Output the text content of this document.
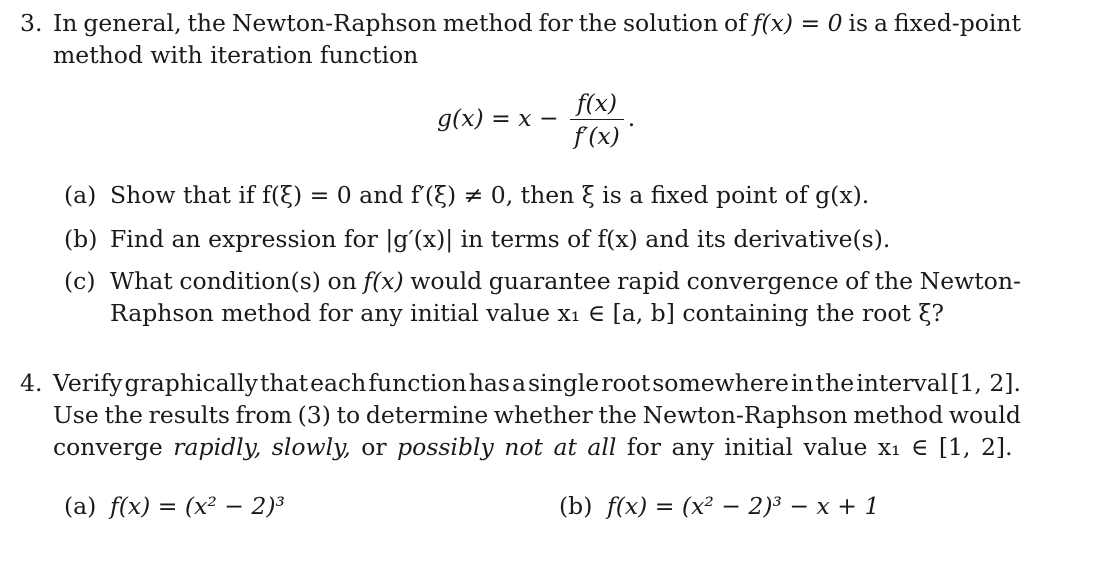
3. In general, the Newton-Raphson method for the solution of f(x) = 0 is a fixed-point
method with iteration function
$g(x) = x - \frac{f(x)}{f'(x)}$ .
(a) Show that if f(ξ) = 0 and f′(ξ) ≠ 0, then ξ is a fixed point of g(x).
(b) Find an expression for |g′(x)| in terms of f(x) and its derivative(s).
(c) What condition(s) on f(x) would guarantee rapid convergence of the Newton-
Raphson method for any initial value x₁ ∈ [a, b] containing the root ξ?
4. Verify graphically that each function has a single root somewhere in the interval [1, 2].
Use the results from (3) to determine whether the Newton-Raphson method would
converge rapidly, slowly, or possibly not at all for any initial value x₁ ∈ [1, 2].
(a) f(x) = (x² − 2)³	(b) f(x) = (x² − 2)³ − x + 1
